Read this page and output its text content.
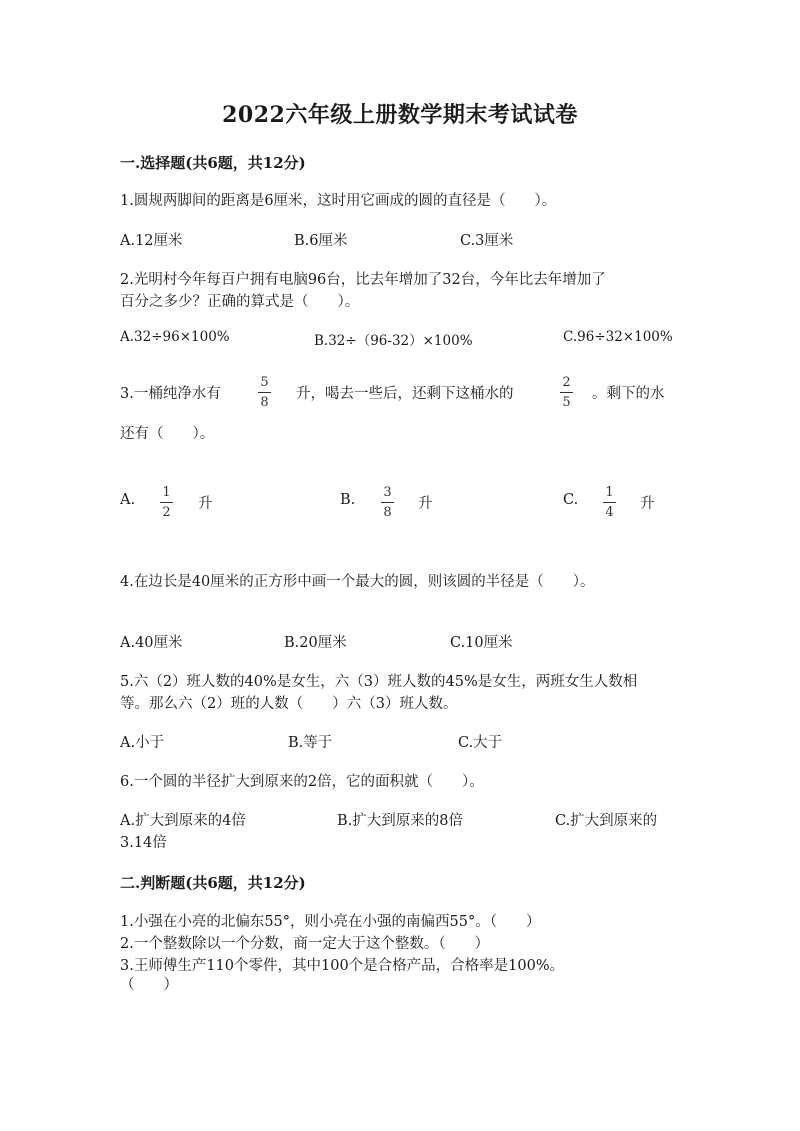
2022六年级上册数学期末考试试卷
一.选择题(共6题，共12分)
1.圆规两脚间的距离是6厘米，这时用它画成的圆的直径是（　　）。
A.12厘米	B.6厘米	C.3厘米
2.光明村今年每百户拥有电脑96台，比去年增加了32台，今年比去年增加了
百分之多少？正确的算式是（　　）。
A.32÷96×100%	B.32÷（96-32）×100%	C.96÷32×100%
3.一桶纯净水有
5
8
升，喝去一些后，还剩下这桶水的
2
5
。剩下的水
还有（　　）。
A. 1
2
升	B. 3
8
升	C. 1
4
升
4.在边长是40厘米的正方形中画一个最大的圆，则该圆的半径是（　　）。
A.40厘米	B.20厘米	C.10厘米
5.六（2）班人数的40%是女生，六（3）班人数的45%是女生，两班女生人数相
等。那么六（2）班的人数（　　）六（3）班人数。
A.小于	B.等于	C.大于
6.一个圆的半径扩大到原来的2倍，它的面积就（　　）。
A.扩大到原来的4倍	B.扩大到原来的8倍	C.扩大到原来的
3.14倍
二.判断题(共6题，共12分)
1.小强在小亮的北偏东55°，则小亮在小强的南偏西55°。（　　）
2.一个整数除以一个分数，商一定大于这个整数。（　　）
3.王师傅生产110个零件，其中100个是合格产品，合格率是100%。
（　　）
